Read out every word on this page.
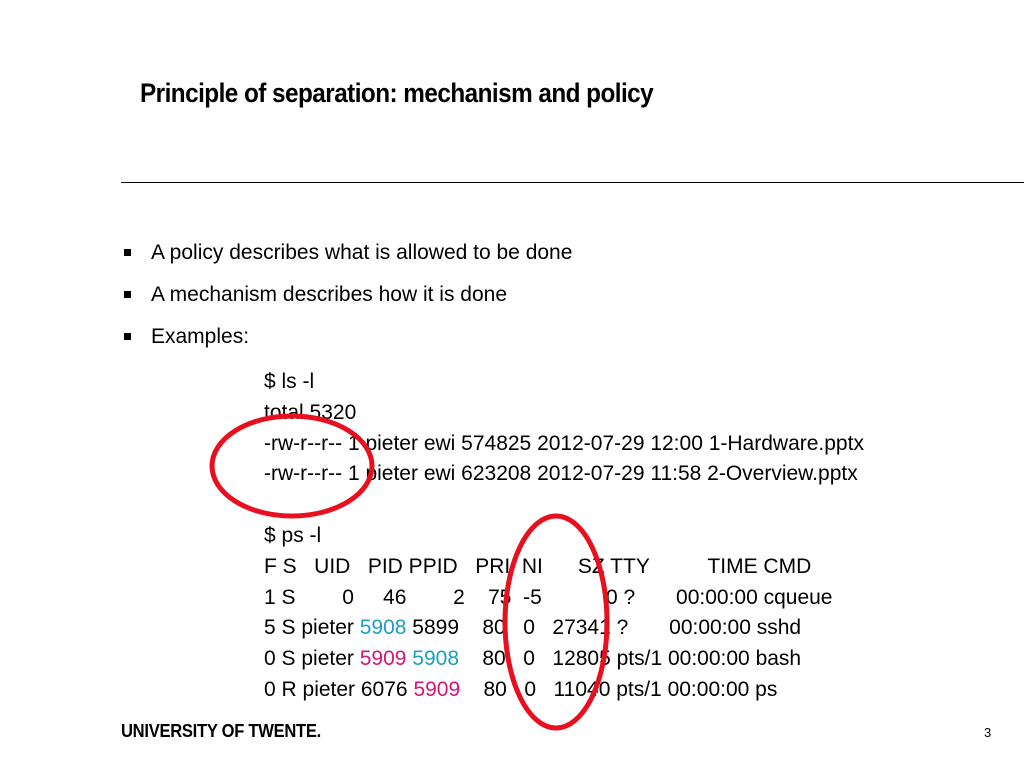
Principle of separation: mechanism and policy
A policy describes what is allowed to be done
A mechanism describes how it is done
Examples:
$ ls -l
total 5320
-rw-r--r-- 1 pieter ewi 574825 2012-07-29 12:00 1-Hardware.pptx
-rw-r--r-- 1 pieter ewi 623208 2012-07-29 11:58 2-Overview.pptx

$ ps -l
F S   UID   PID PPID   PRI  NI      SZ TTY          TIME CMD
1 S        0     46        2    75  -5           0 ?       00:00:00 cqueue
5 S pieter 5908 5899    80   0   27341 ?       00:00:00 sshd
0 S pieter 5909 5908    80   0   12805 pts/1 00:00:00 bash
0 R pieter 6076 5909    80   0   11040 pts/1 00:00:00 ps
UNIVERSITY OF TWENTE.	3
